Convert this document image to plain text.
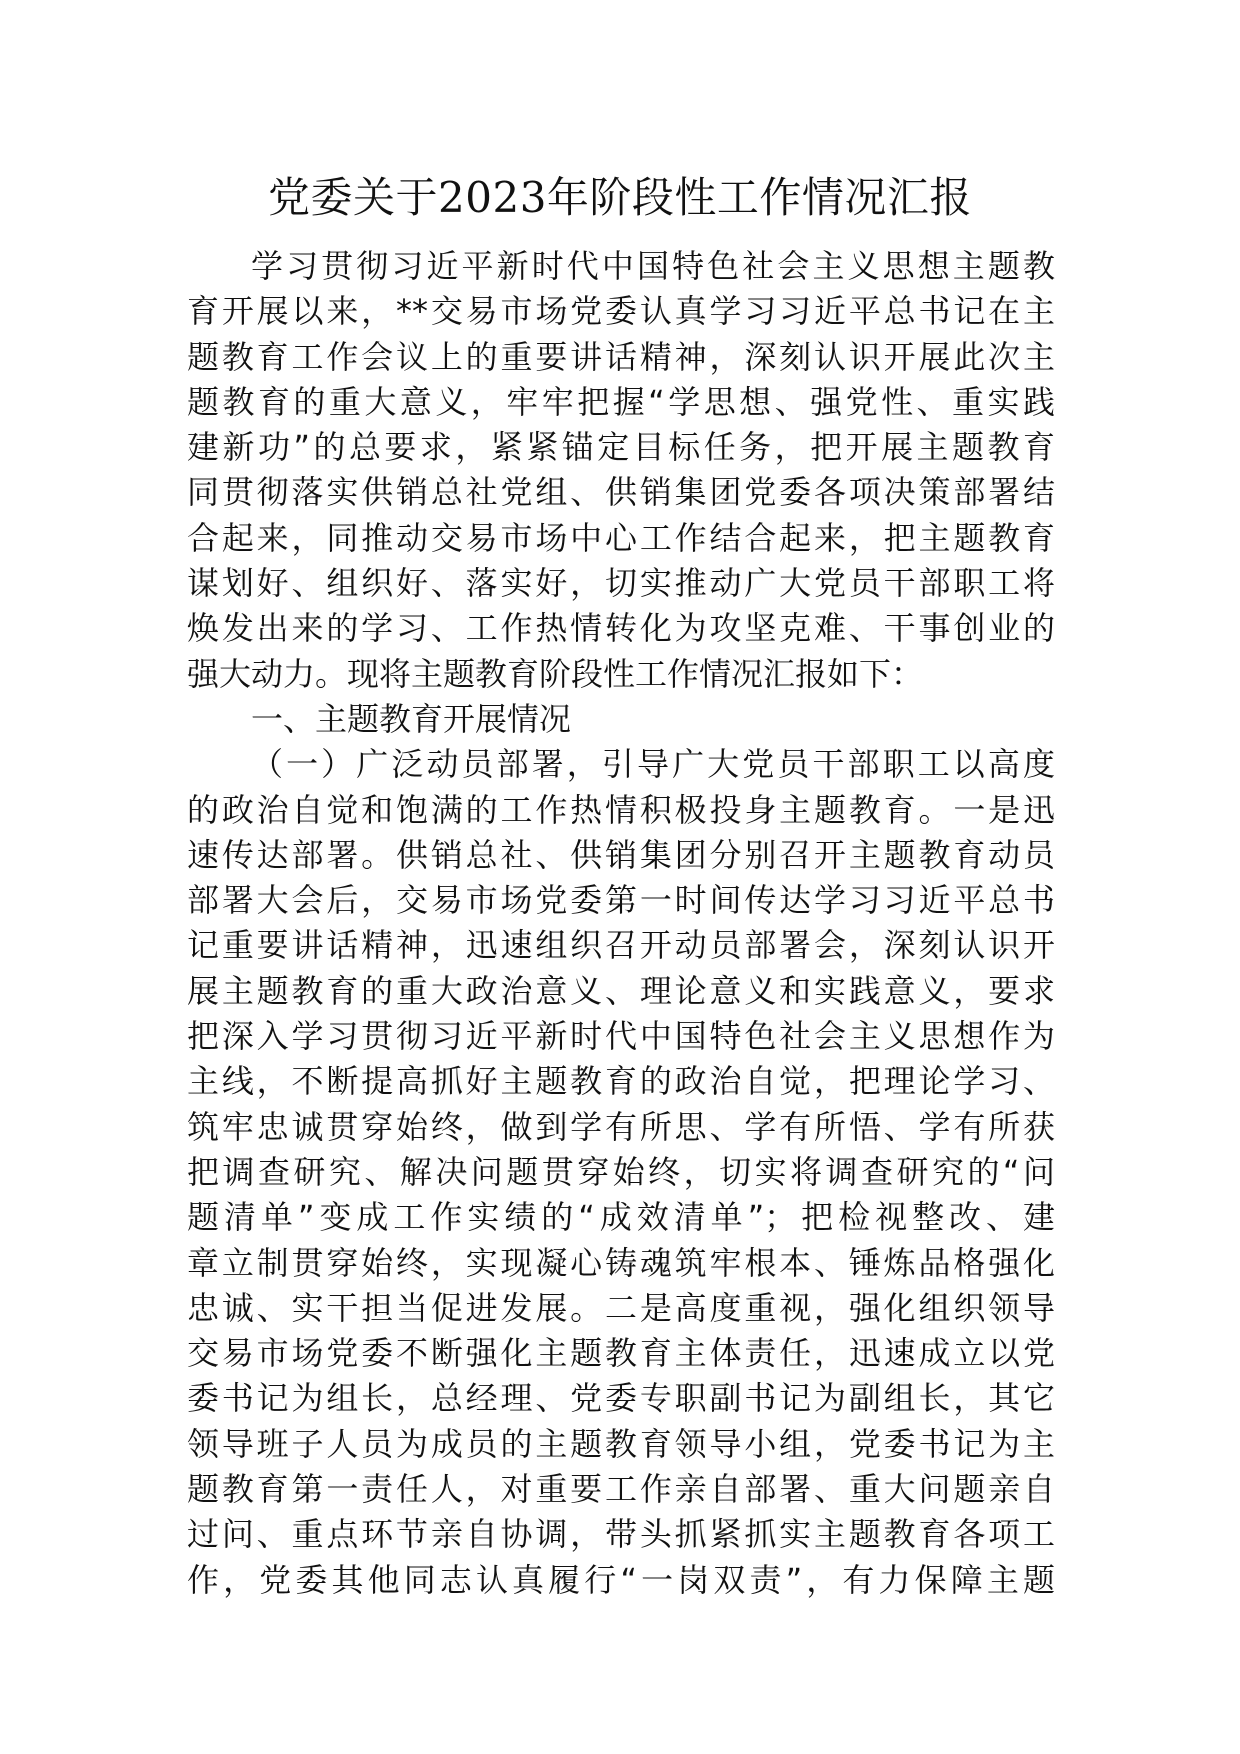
党委关于2023年阶段性工作情况汇报
学习贯彻习近平新时代中国特色社会主义思想主题教
育开展以来，**交易市场党委认真学习习近平总书记在主
题教育工作会议上的重要讲话精神，深刻认识开展此次主
题教育的重大意义，牢牢把握“学思想、强党性、重实践
建新功”的总要求，紧紧锚定目标任务，把开展主题教育
同贯彻落实供销总社党组、供销集团党委各项决策部署结
合起来，同推动交易市场中心工作结合起来，把主题教育
谋划好、组织好、落实好，切实推动广大党员干部职工将
焕发出来的学习、工作热情转化为攻坚克难、干事创业的
强大动力。现将主题教育阶段性工作情况汇报如下：
一、主题教育开展情况
（一）广泛动员部署，引导广大党员干部职工以高度
的政治自觉和饱满的工作热情积极投身主题教育。一是迅
速传达部署。供销总社、供销集团分别召开主题教育动员
部署大会后，交易市场党委第一时间传达学习习近平总书
记重要讲话精神，迅速组织召开动员部署会，深刻认识开
展主题教育的重大政治意义、理论意义和实践意义，要求
把深入学习贯彻习近平新时代中国特色社会主义思想作为
主线，不断提高抓好主题教育的政治自觉，把理论学习、
筑牢忠诚贯穿始终，做到学有所思、学有所悟、学有所获
把调查研究、解决问题贯穿始终，切实将调查研究的“问
题清单”变成工作实绩的“成效清单”；把检视整改、建
章立制贯穿始终，实现凝心铸魂筑牢根本、锤炼品格强化
忠诚、实干担当促进发展。二是高度重视，强化组织领导
交易市场党委不断强化主题教育主体责任，迅速成立以党
委书记为组长，总经理、党委专职副书记为副组长，其它
领导班子人员为成员的主题教育领导小组，党委书记为主
题教育第一责任人，对重要工作亲自部署、重大问题亲自
过问、重点环节亲自协调，带头抓紧抓实主题教育各项工
作，党委其他同志认真履行“一岗双责”，有力保障主题
